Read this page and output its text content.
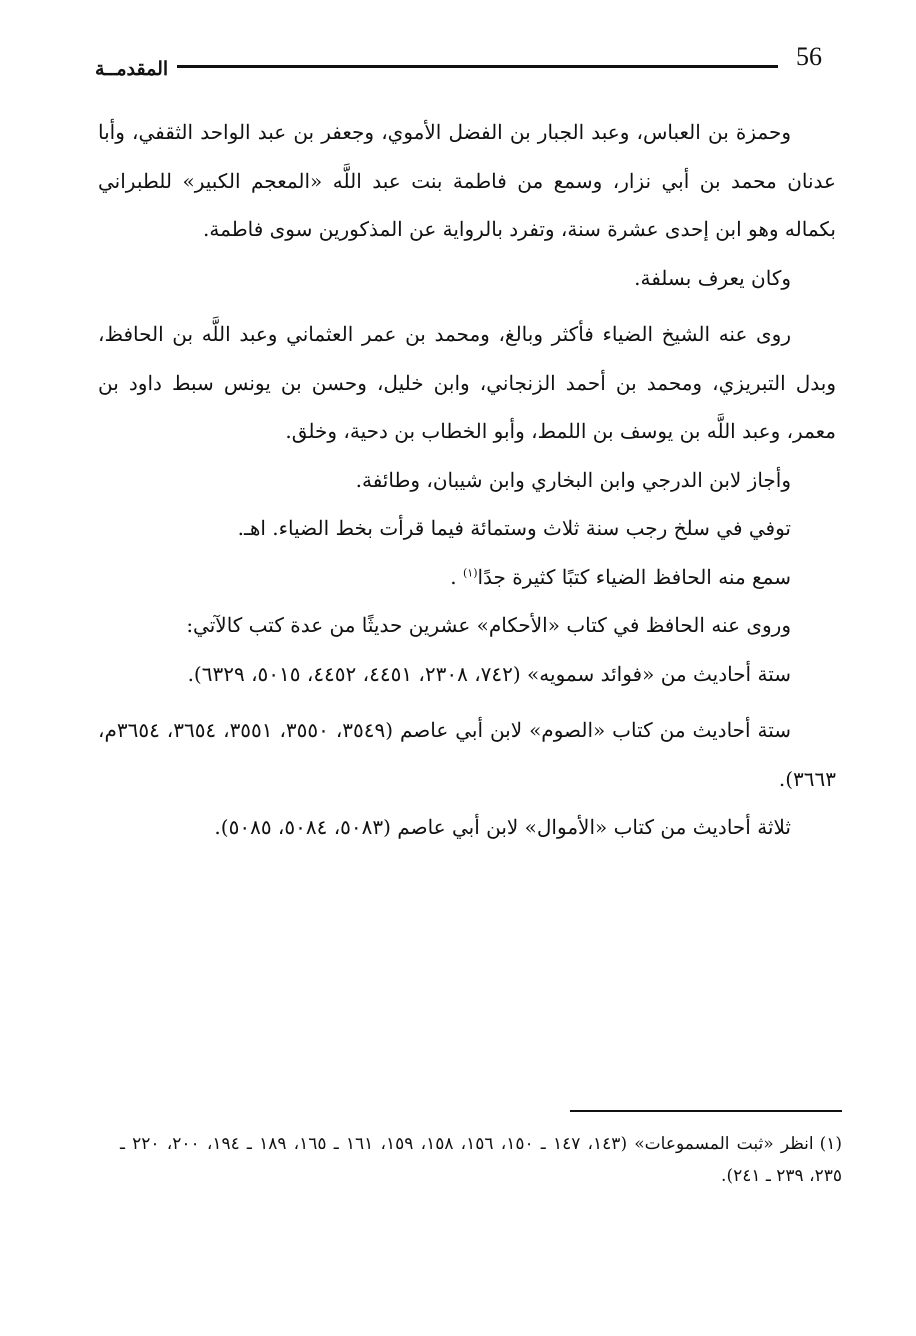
56
المقدمــة

وحمزة بن العباس، وعبد الجبار بن الفضل الأموي، وجعفر بن عبد الواحد الثقفي، وأبا عدنان محمد بن أبي نزار، وسمع من فاطمة بنت عبد اللَّه «المعجم الكبير» للطبراني بكماله وهو ابن إحدى عشرة سنة، وتفرد بالرواية عن المذكورين سوى فاطمة.

وكان يعرف بسلفة.

روى عنه الشيخ الضياء فأكثر وبالغ، ومحمد بن عمر العثماني وعبد اللَّه بن الحافظ، وبدل التبريزي، ومحمد بن أحمد الزنجاني، وابن خليل، وحسن بن يونس سبط داود بن معمر، وعبد اللَّه بن يوسف بن اللمط، وأبو الخطاب بن دحية، وخلق.

وأجاز لابن الدرجي وابن البخاري وابن شيبان، وطائفة.

توفي في سلخ رجب سنة ثلاث وستمائة فيما قرأت بخط الضياء. اهـ.

سمع منه الحافظ الضياء كتبًا كثيرة جدًا$^{(١)}$ .

وروى عنه الحافظ في كتاب «الأحكام» عشرين حديثًا من عدة كتب كالآتي:

ستة أحاديث من «فوائد سمويه» (٧٤٢، ٢٣٠٨، ٤٤٥١، ٤٤٥٢، ٥٠١٥، ٦٣٢٩).

ستة أحاديث من كتاب «الصوم» لابن أبي عاصم (٣٥٤٩، ٣٥٥٠، ٣٥٥١، ٣٦٥٤، ٣٦٥٤م، ٣٦٦٣).

ثلاثة أحاديث من كتاب «الأموال» لابن أبي عاصم (٥٠٨٣، ٥٠٨٤، ٥٠٨٥).

(١)انظر «ثبت المسموعات» (١٤٣، ١٤٧ ـ ١٥٠، ١٥٦، ١٥٨، ١٥٩، ١٦١ ـ ١٦٥، ١٨٩ ـ ١٩٤، ٢٠٠، ٢٢٠ ـ ٢٣٥، ٢٣٩ ـ ٢٤١).
